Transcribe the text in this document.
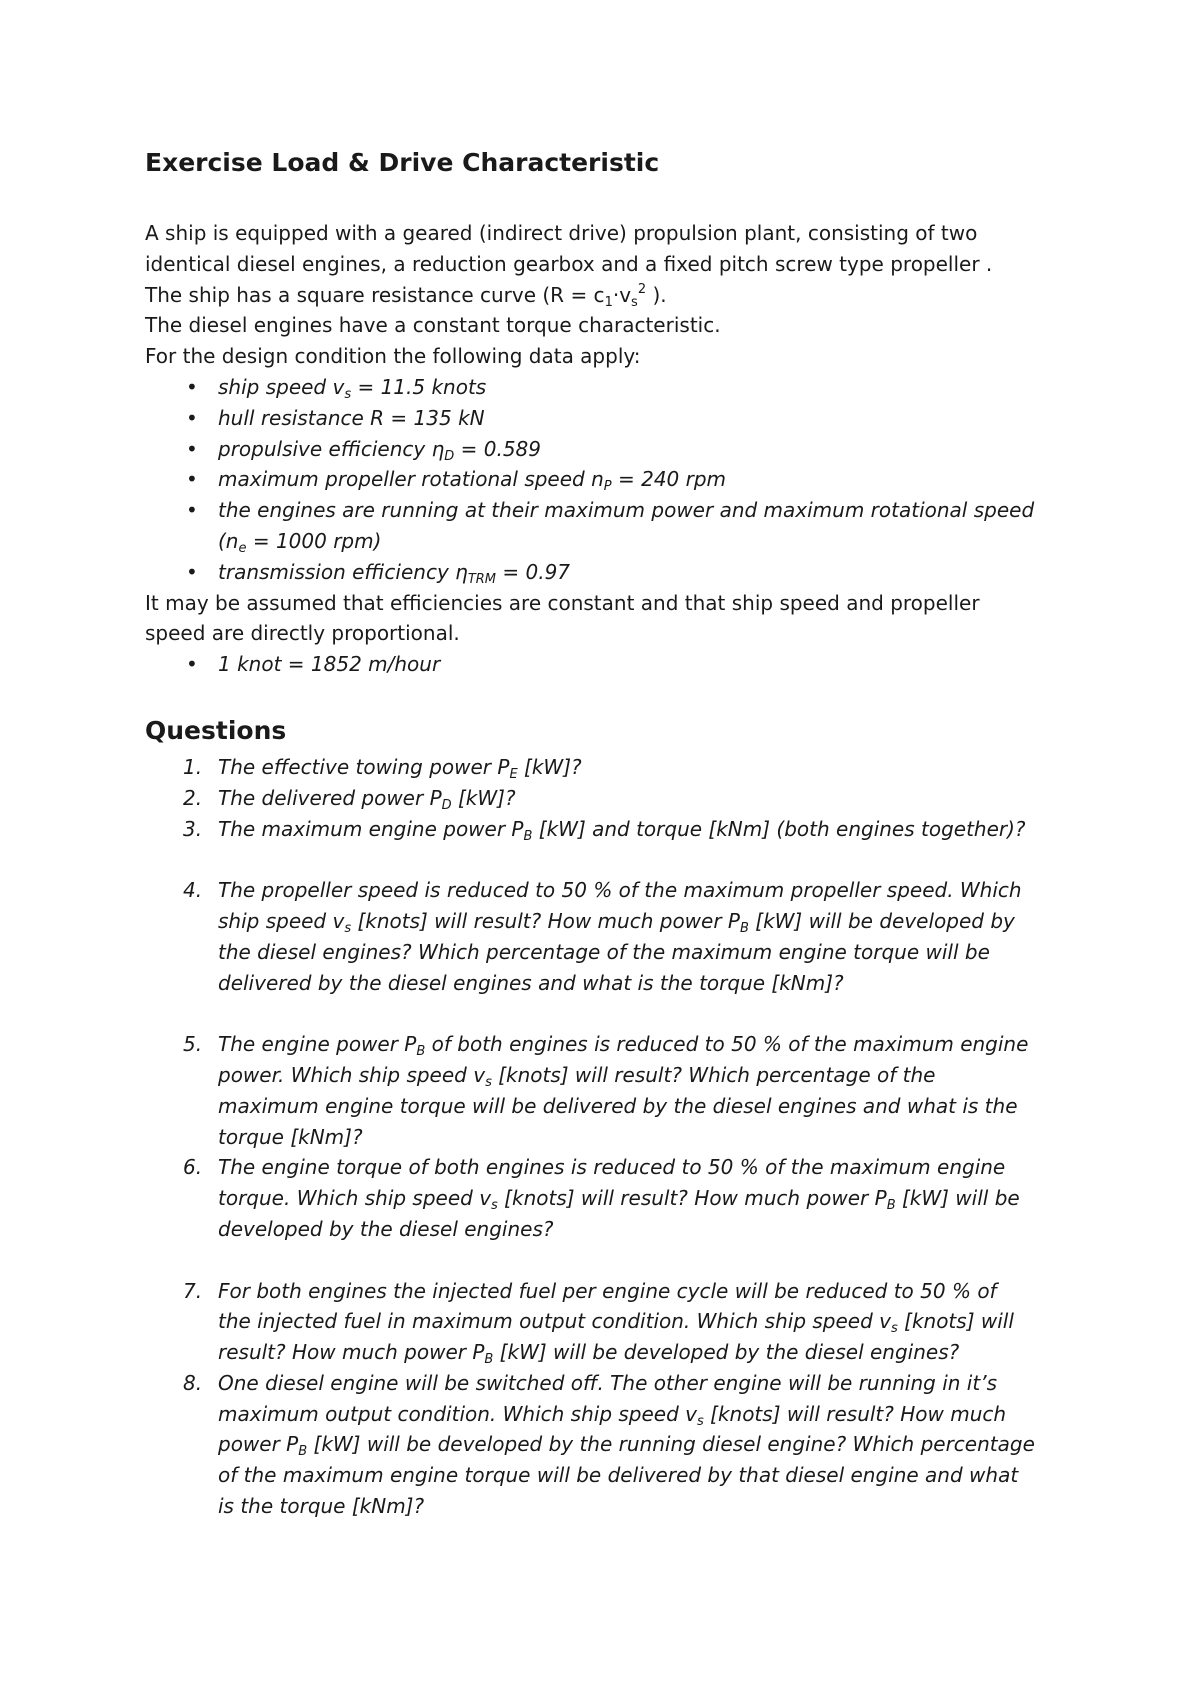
Exercise Load & Drive Characteristic

A ship is equipped with a geared (indirect drive) propulsion plant, consisting of two

identical diesel engines, a reduction gearbox and a fixed pitch screw type propeller .

The ship has a square resistance curve ($R = c_1\cdot v_s^2$ ).

The diesel engines have a constant torque characteristic.

For the design condition the following data apply:

• ship speed $v_s = 11.5$ knots
• hull resistance R = 135 kN
• propulsive efficiency $\eta_D = 0.589$
• maximum propeller rotational speed $n_P = 240$ rpm
• the engines are running at their maximum power and maximum rotational speed
($n_e = 1000$ rpm)
• transmission efficiency $\eta_{TRM} = 0.97$

It may be assumed that efficiencies are constant and that ship speed and propeller

speed are directly proportional.

• 1 knot = 1852 m/hour
Questions
1. The effective towing power $P_E$ [kW]?
2. The delivered power $P_D$ [kW]?
3. The maximum engine power $P_B$ [kW] and torque [kNm] (both engines together)?
4. The propeller speed is reduced to 50 % of the maximum propeller speed. Which
ship speed $v_s$ [knots] will result? How much power $P_B$ [kW] will be developed by
the diesel engines? Which percentage of the maximum engine torque will be
delivered by the diesel engines and what is the torque [kNm]?
5. The engine power $P_B$ of both engines is reduced to 50 % of the maximum engine
power. Which ship speed $v_s$ [knots] will result? Which percentage of the
maximum engine torque will be delivered by the diesel engines and what is the
torque [kNm]?
6. The engine torque of both engines is reduced to 50 % of the maximum engine
torque. Which ship speed $v_s$ [knots] will result? How much power $P_B$ [kW] will be
developed by the diesel engines?
7. For both engines the injected fuel per engine cycle will be reduced to 50 % of
the injected fuel in maximum output condition. Which ship speed $v_s$ [knots] will
result? How much power $P_B$ [kW] will be developed by the diesel engines?
8. One diesel engine will be switched off. The other engine will be running in it’s
maximum output condition. Which ship speed $v_s$ [knots] will result? How much
power $P_B$ [kW] will be developed by the running diesel engine? Which percentage
of the maximum engine torque will be delivered by that diesel engine and what
is the torque [kNm]?
